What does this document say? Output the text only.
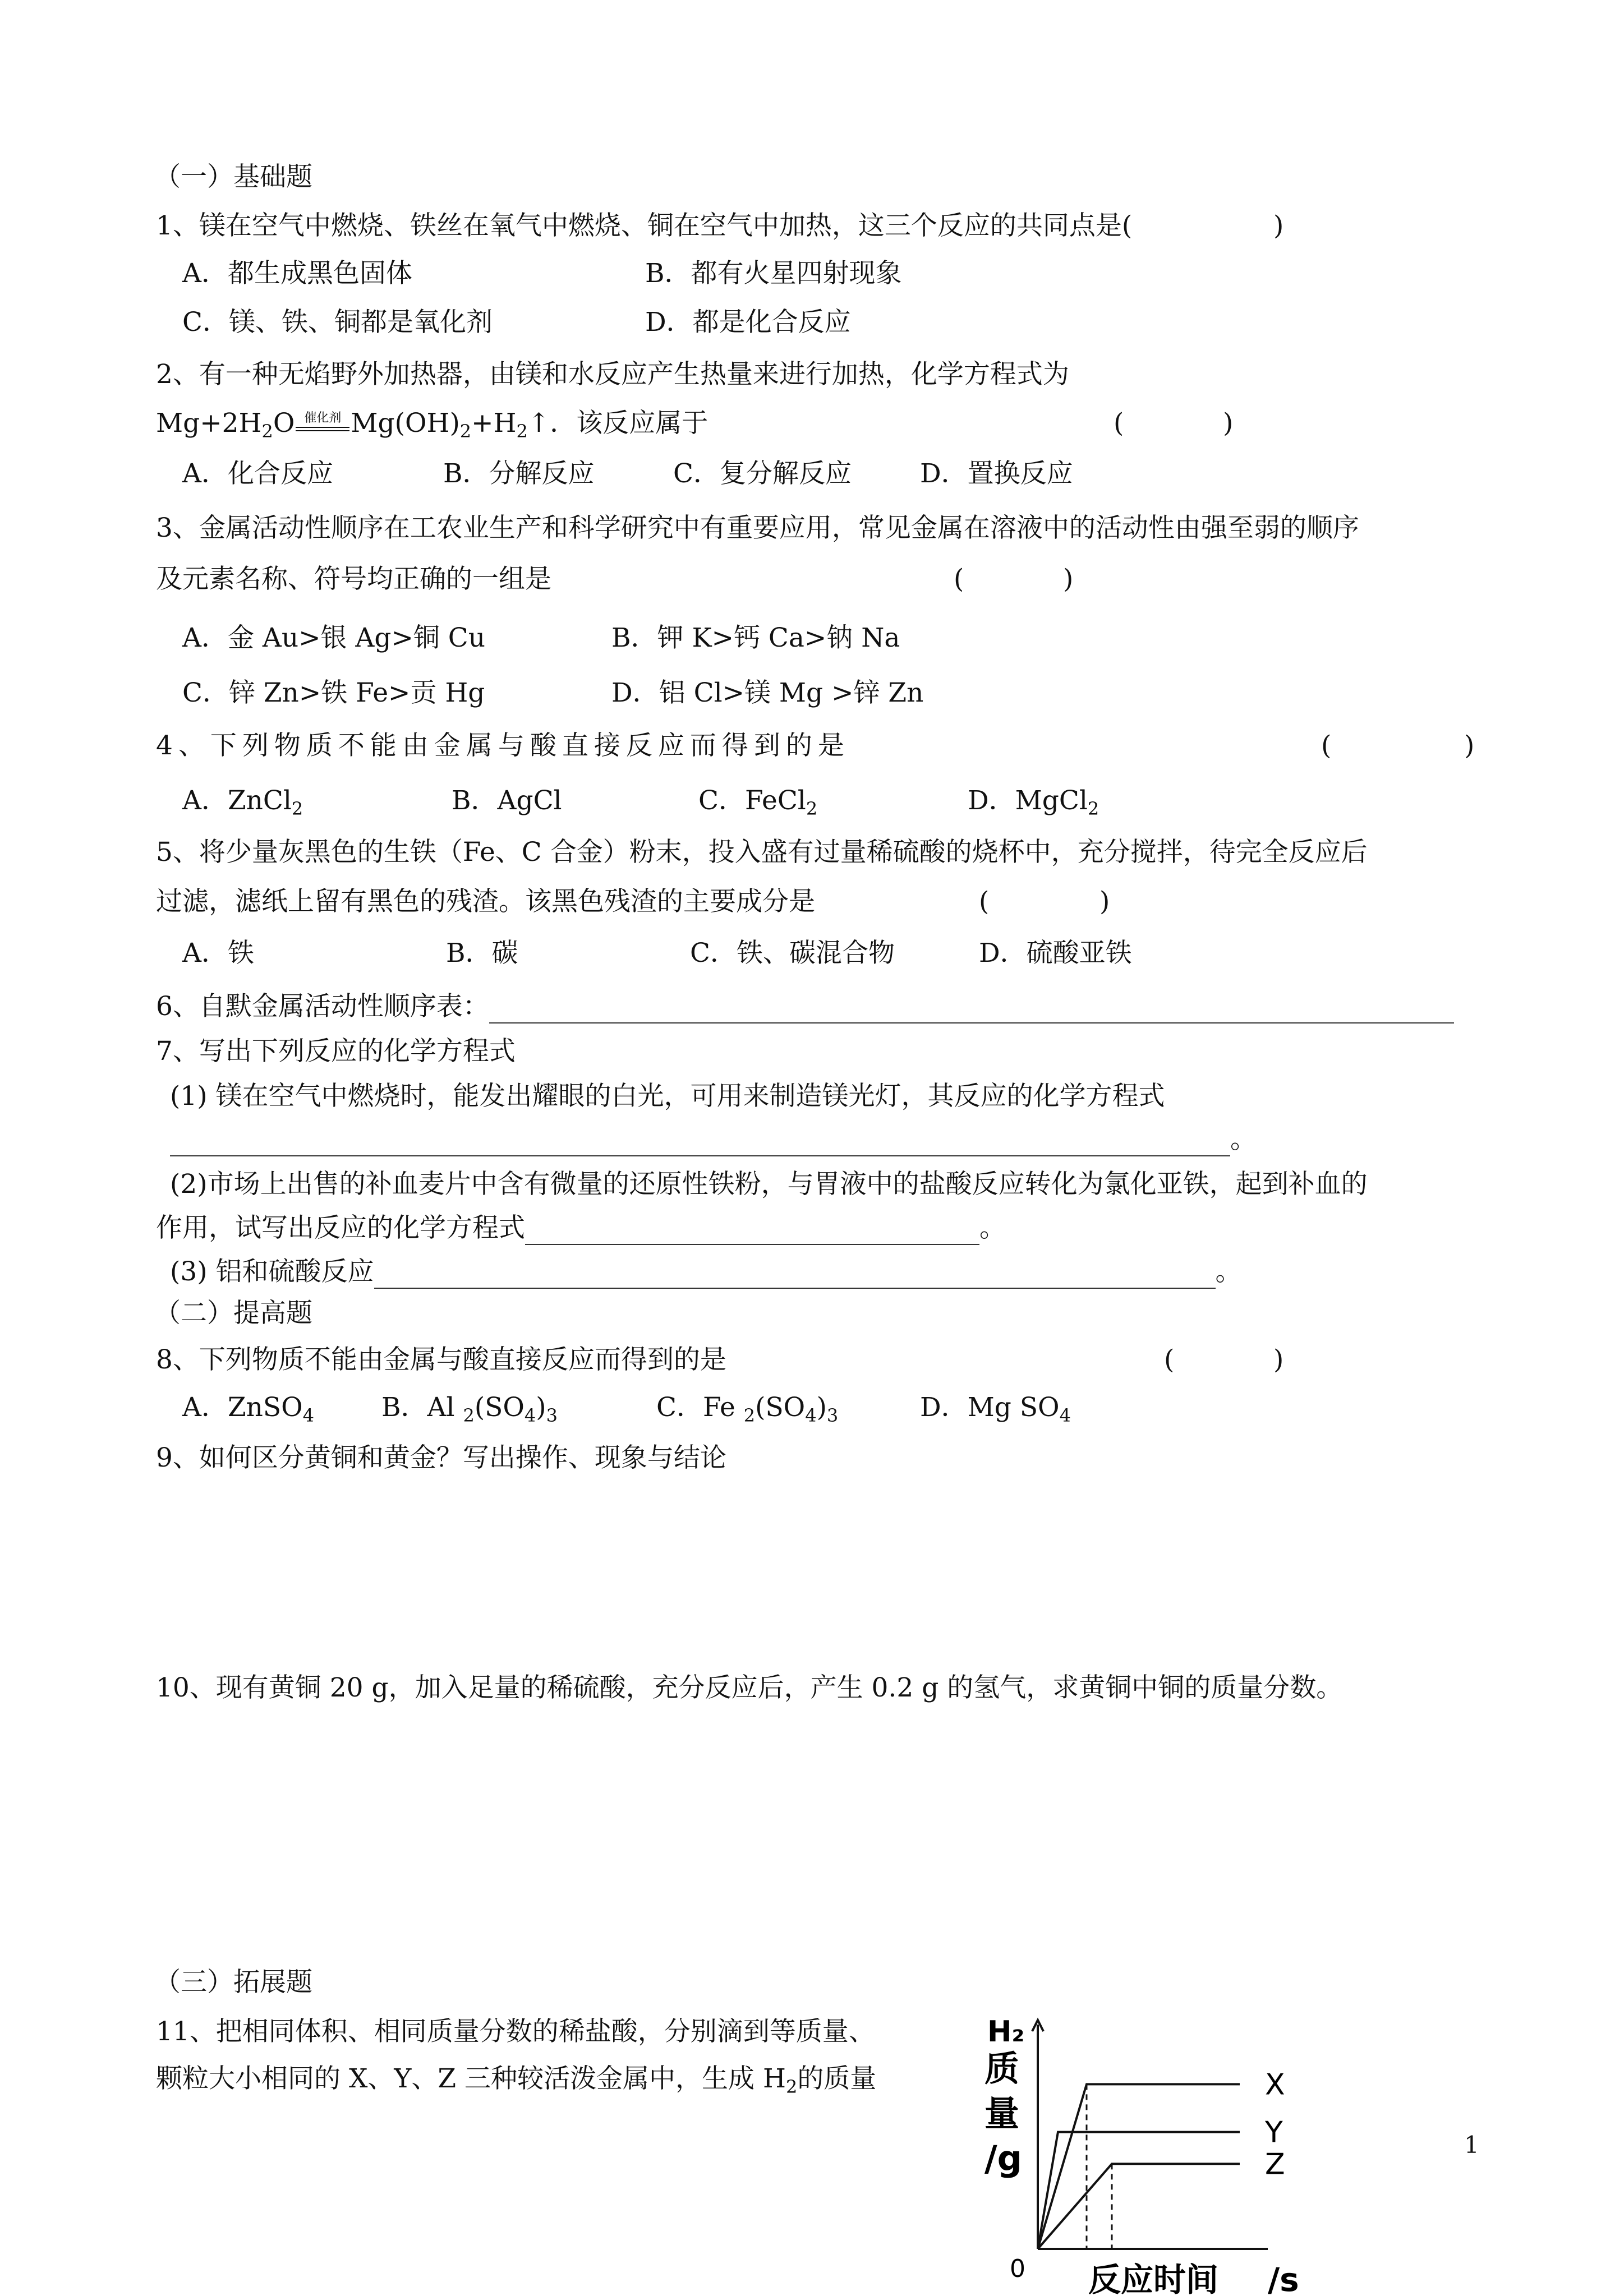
（一）基础题
1、镁在空气中燃烧、铁丝在氧气中燃烧、铜在空气中加热，这三个反应的共同点是(	)
A．都生成黑色固体	B．都有火星四射现象
C．镁、铁、铜都是氧化剂	D．都是化合反应
2、有一种无焰野外加热器，由镁和水反应产生热量来进行加热，化学方程式为
$Mg+2H_2O$ 催化剂 $Mg(OH)_2+H_2↑$．该反应属于	(	)
A．化合反应	B．分解反应	C．复分解反应	D．置换反应
3、金属活动性顺序在工农业生产和科学研究中有重要应用，常见金属在溶液中的活动性由强至弱的顺序
及元素名称、符号均正确的一组是	(	)
A．金 Au>银 Ag>铜 Cu	B．钾 K>钙 Ca>钠 Na
C．锌 Zn>铁 Fe>贡 Hg	D．铝 Cl>镁 Mg >锌 Zn
4、下列物质不能由金属与酸直接反应而得到的是	(	)
A．ZnCl$_2$	B．AgCl	C．FeCl$_2$	D．MgCl$_2$
5、将少量灰黑色的生铁（Fe、C 合金）粉末，投入盛有过量稀硫酸的烧杯中，充分搅拌，待完全反应后
过滤，滤纸上留有黑色的残渣。该黑色残渣的主要成分是	(	)
A．铁	B．碳	C．铁、碳混合物	D．硫酸亚铁
6、自默金属活动性顺序表：
7、写出下列反应的化学方程式
(1) 镁在空气中燃烧时，能发出耀眼的白光，可用来制造镁光灯，其反应的化学方程式
。
(2)市场上出售的补血麦片中含有微量的还原性铁粉，与胃液中的盐酸反应转化为氯化亚铁，起到补血的
作用，试写出反应的化学方程式	。
(3) 铝和硫酸反应	。
（二）提高题
8、下列物质不能由金属与酸直接反应而得到的是	(	)
A．ZnSO$_4$	B．Al $_2(SO_4)_3$	C．Fe $_2(SO_4)_3$	D．Mg $SO_4$
9、如何区分黄铜和黄金？写出操作、现象与结论
10、现有黄铜 20 g，加入足量的稀硫酸，充分反应后，产生 0.2 g 的氢气，求黄铜中铜的质量分数。
（三）拓展题
11、把相同体积、相同质量分数的稀盐酸，分别滴到等质量、
颗粒大小相同的 X、Y、Z 三种较活泼金属中，生成 $H_2$的质量
H₂
质
量
/g
0 反应时间 /s
X
Y
Z
1
